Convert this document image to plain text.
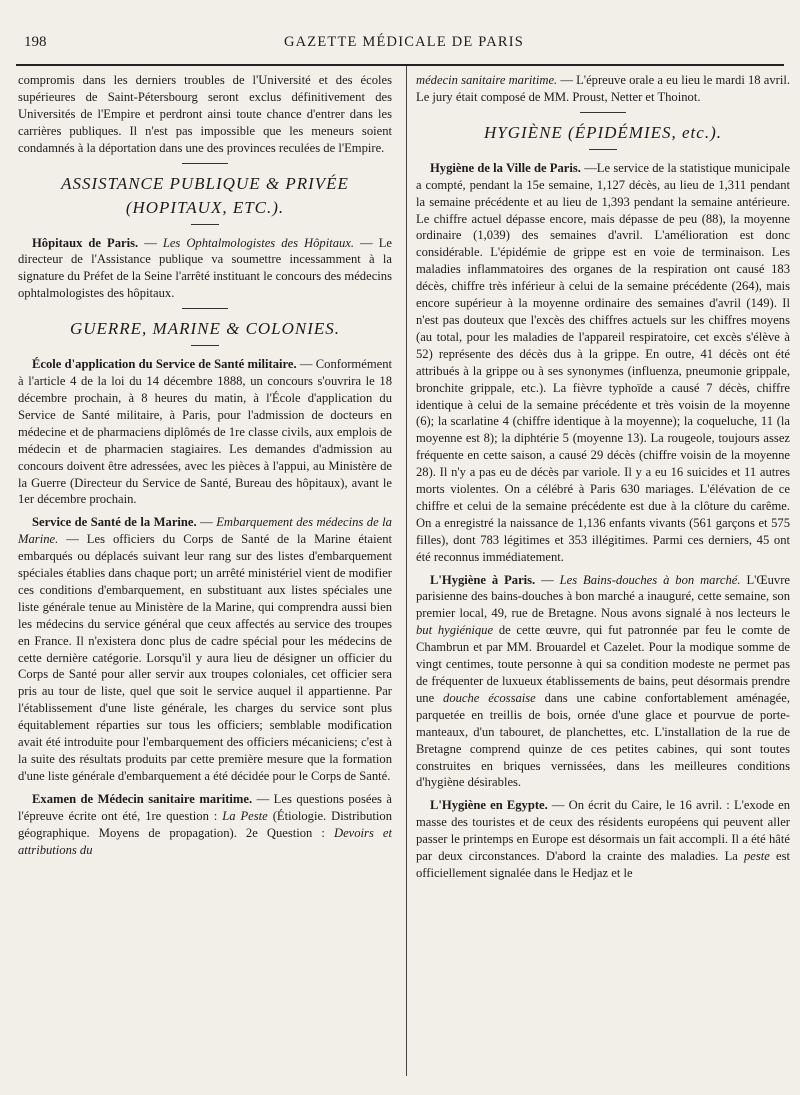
198	GAZETTE MÉDICALE DE PARIS

compromis dans les derniers troubles de l'Université et des écoles supérieures de Saint-Pétersbourg seront exclus définitivement des Universités de l'Empire et perdront ainsi toute chance d'entrer dans les carrières publiques. Il n'est pas impossible que les meneurs soient condamnés à la déportation dans une des provinces reculées de l'Empire.

ASSISTANCE PUBLIQUE & PRIVÉE
(HOPITAUX, ETC.).

Hôpitaux de Paris. — Les Ophtalmologistes des Hôpitaux. — Le directeur de l'Assistance publique va soumettre incessamment à la signature du Préfet de la Seine l'arrêté instituant le concours des médecins ophtalmologistes des hôpitaux.

GUERRE, MARINE & COLONIES.

École d'application du Service de Santé militaire. — Conformément à l'article 4 de la loi du 14 décembre 1888, un concours s'ouvrira le 18 décembre prochain, à 8 heures du matin, à l'École d'application du Service de Santé militaire, à Paris, pour l'admission de docteurs en médecine et de pharmaciens diplômés de 1re classe civils, aux emplois de médecin et de pharmacien stagiaires. Les demandes d'admission au concours doivent être adressées, avec les pièces à l'appui, au Ministère de la Guerre (Directeur du Service de Santé, Bureau des hôpitaux), avant le 1er décembre prochain.

Service de Santé de la Marine. — Embarquement des médecins de la Marine. — Les officiers du Corps de Santé de la Marine étaient embarqués ou déplacés suivant leur rang sur des listes d'embarquement spéciales établies dans chaque port; un arrêté ministériel vient de modifier ces conditions d'embarquement, en substituant aux listes spéciales une liste générale tenue au Ministère de la Marine, qui comprendra aussi bien les médecins du service général que ceux affectés au service des troupes en France. Il n'existera donc plus de cadre spécial pour les médecins de cette dernière catégorie. Lorsqu'il y aura lieu de désigner un officier du Corps de Santé pour aller servir aux troupes coloniales, cet officier sera pris au tour de liste, quel que soit le service auquel il appartienne. Par l'établissement d'une liste générale, les charges du service sont plus équitablement réparties sur tous les officiers; semblable modification avait été introduite pour l'embarquement des officiers mécaniciens; c'est à la suite des résultats produits par cette première mesure que la formation d'une liste générale d'embarquement a été décidée pour le Corps de Santé.

Examen de Médecin sanitaire maritime. — Les questions posées à l'épreuve écrite ont été, 1re question : La Peste (Étiologie. Distribution géographique. Moyens de propagation). 2e Question : Devoirs et attributions du

médecin sanitaire maritime. — L'épreuve orale a eu lieu le mardi 18 avril. Le jury était composé de MM. Proust, Netter et Thoinot.

HYGIÈNE (ÉPIDÉMIES, etc.).

Hygiène de la Ville de Paris. —Le service de la statistique municipale a compté, pendant la 15e semaine, 1,127 décès, au lieu de 1,311 pendant la semaine précédente et au lieu de 1,393 pendant la semaine antérieure. Le chiffre actuel dépasse encore, mais dépasse de peu (88), la moyenne ordinaire (1,039) des semaines d'avril. L'amélioration est donc considérable. L'épidémie de grippe est en voie de terminaison. Les maladies inflammatoires des organes de la respiration ont causé 183 décès, chiffre très inférieur à celui de la semaine précédente (264), mais encore supérieur à la moyenne ordinaire des semaines d'avril (149). Il n'est pas douteux que l'excès des chiffres actuels sur les chiffres moyens (au total, pour les maladies de l'appareil respiratoire, cet excès s'élève à 52) représente des décès dus à la grippe. En outre, 41 décès ont été attribués à la grippe ou à ses synonymes (influenza, pneumonie grippale, bronchite grippale, etc.). La fièvre typhoïde a causé 7 décès, chiffre identique à celui de la semaine précédente et très voisin de la moyenne (6); la scarlatine 4 (chiffre identique à la moyenne); la coqueluche, 11 (la moyenne est 8); la diphtérie 5 (moyenne 13). La rougeole, toujours assez fréquente en cette saison, a causé 29 décès (chiffre voisin de la moyenne 28). Il n'y a pas eu de décès par variole. Il y a eu 16 suicides et 11 autres morts violentes. On a célébré à Paris 630 mariages. L'élévation de ce chiffre et celui de la semaine précédente est due à la clôture du carême. On a enregistré la naissance de 1,136 enfants vivants (561 garçons et 575 filles), dont 783 légitimes et 353 illégitimes. Parmi ces derniers, 45 ont été reconnus immédiatement.

L'Hygiène à Paris. — Les Bains-douches à bon marché. L'Œuvre parisienne des bains-douches à bon marché a inauguré, cette semaine, son premier local, 49, rue de Bretagne. Nous avons signalé à nos lecteurs le but hygiénique de cette œuvre, qui fut patronnée par feu le comte de Chambrun et par MM. Brouardel et Cazelet. Pour la modique somme de vingt centimes, toute personne à qui sa condition modeste ne permet pas de fréquenter de luxueux établissements de bains, peut désormais prendre une douche écossaise dans une cabine confortablement aménagée, parquetée en treillis de bois, ornée d'une glace et pourvue de porte-manteaux, d'un tabouret, de planchettes, etc. L'installation de la rue de Bretagne comprend quinze de ces petites cabines, qui sont toutes construites en briques vernissées, dans les meilleures conditions d'hygiène désirables.

L'Hygiène en Egypte. — On écrit du Caire, le 16 avril. : L'exode en masse des touristes et de ceux des résidents européens qui peuvent aller passer le printemps en Europe est désormais un fait accompli. Il a été hâté par deux circonstances. D'abord la crainte des maladies. La peste est officiellement signalée dans le Hedjaz et le
